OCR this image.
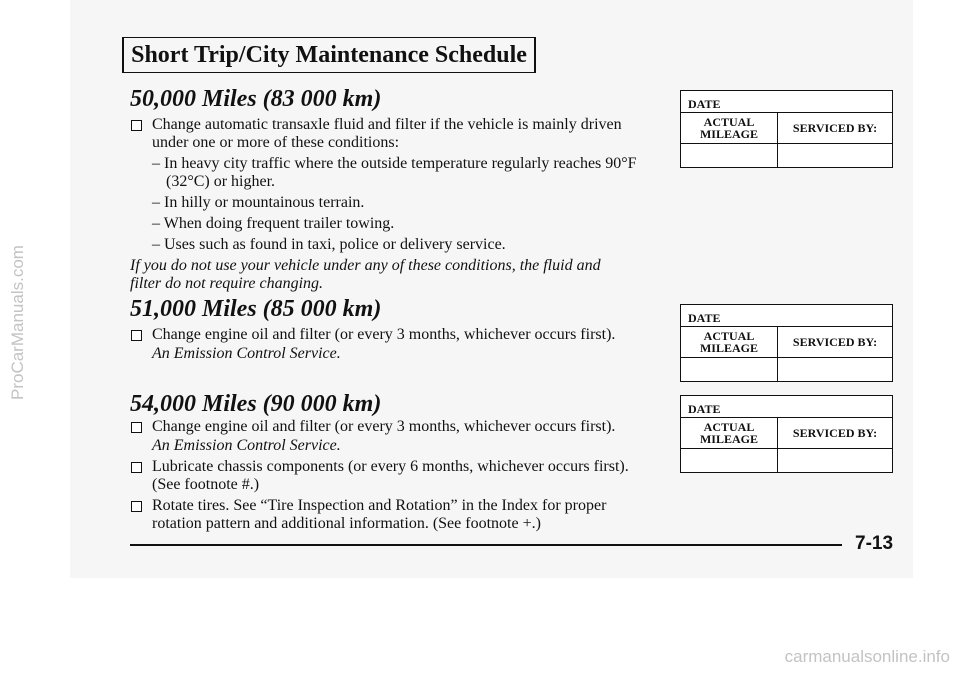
ProCarManuals.com
carmanualsonline.info
Short Trip/City Maintenance Schedule
50,000 Miles (83 000 km)
Change automatic transaxle fluid and filter if the vehicle is mainly driven
under one or more of these conditions:
– In heavy city traffic where the outside temperature regularly reaches 90°F
(32°C) or higher.
– In hilly or mountainous terrain.
– When doing frequent trailer towing.
– Uses such as found in taxi, police or delivery service.
If you do not use your vehicle under any of these conditions, the fluid and
filter do not require changing.
51,000 Miles (85 000 km)
Change engine oil and filter (or every 3 months, whichever occurs first).
An Emission Control Service.
54,000 Miles (90 000 km)
Change engine oil and filter (or every 3 months, whichever occurs first).
An Emission Control Service.
Lubricate chassis components (or every 6 months, whichever occurs first).
(See footnote #.)
Rotate tires. See “Tire Inspection and Rotation” in the Index for proper
rotation pattern and additional information. (See footnote +.)
DATE
ACTUAL
MILEAGE	SERVICED BY:
DATE
ACTUAL
MILEAGE	SERVICED BY:
DATE
ACTUAL
MILEAGE	SERVICED BY:
7-13
